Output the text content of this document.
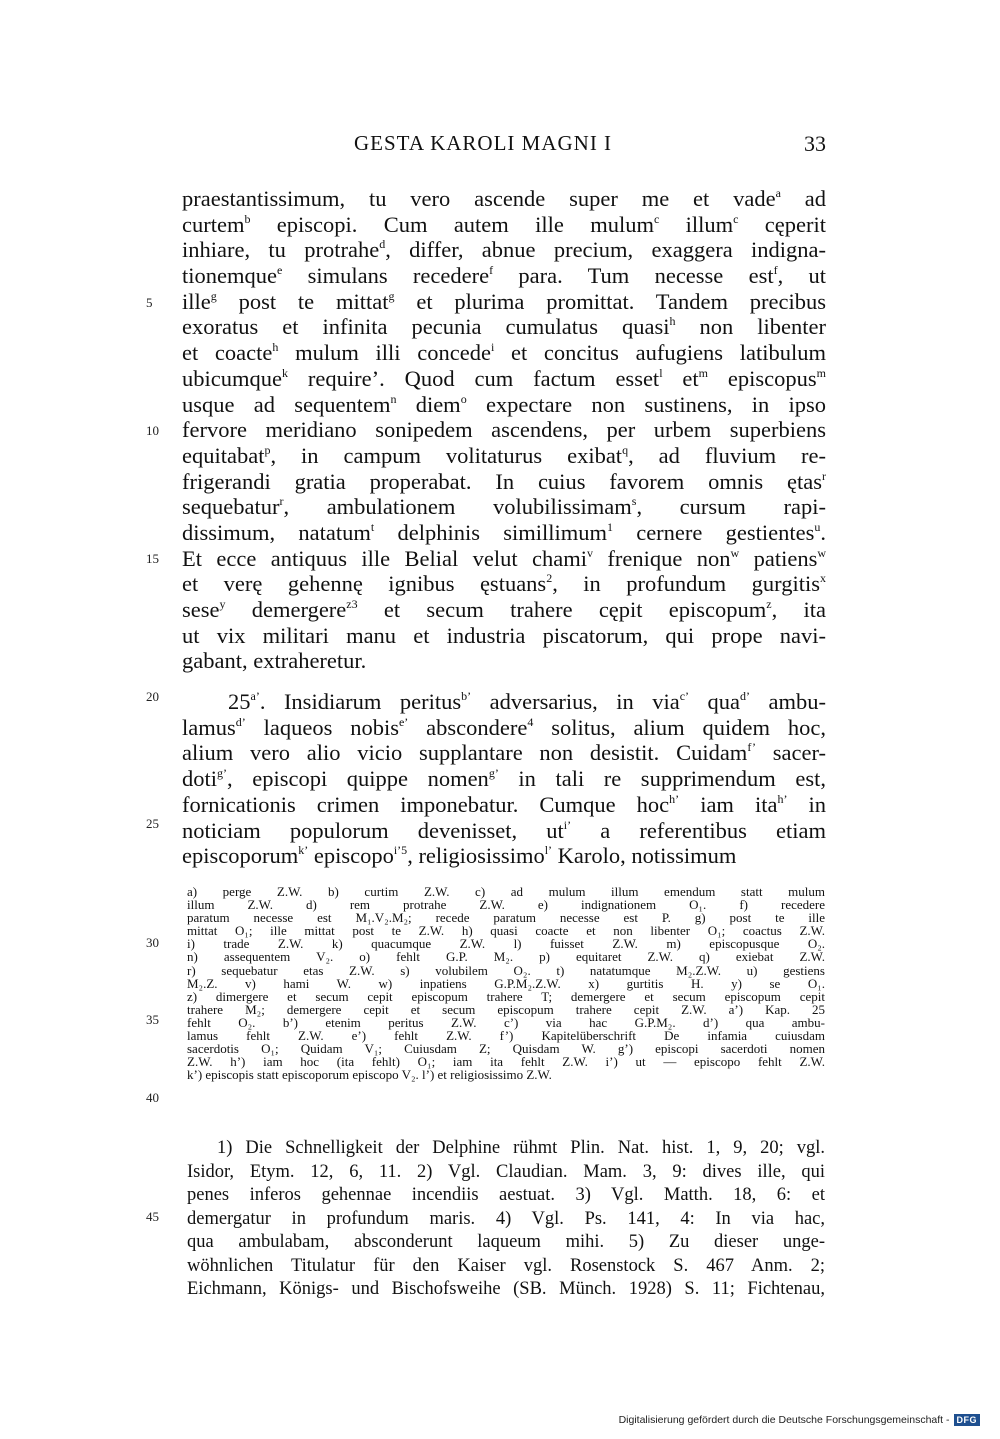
GESTA KAROLI MAGNI I	33
praestantissimum, tu vero ascende super me et vade$^a$ ad
curtem$^b$ episcopi. Cum autem ille mulum$^c$ illum$^c$ cęperit
inhiare, tu protrahe$^d$, differ, abnue precium, exaggera indigna-
tionemque$^e$ simulans recedere$^f$ para. Tum necesse est$^f$, ut
ille$^g$ post te mittat$^g$ et plurima promittat. Tandem precibus
exoratus et infinita pecunia cumulatus quasi$^h$ non libenter
et coacte$^h$ mulum illi concede$^i$ et concitus aufugiens latibulum
ubicumque$^k$ require’. Quod cum factum esset$^l$ $et^m$ episcopus$^m$
usque ad sequentem$^n$ diem$^o$ expectare non sustinens, in ipso
fervore meridiano sonipedem ascendens, per urbem superbiens
equitabat$^p$, in campum volitaturus exibat$^q$, ad fluvium re-
frigerandi gratia properabat. In cuius favorem omnis ętas$^r$
sequebatur$^r$, ambulationem volubilissimam$^s$, cursum rapi-
dissimum, natatum$^t$ delphinis simillimum$^1$ cernere gestientes$^u$.
Et ecce antiquus ille Belial velut chami$^v$ frenique non$^w$ patiens$^w$
et verę gehennę ignibus ęstuans$^2$, in profundum gurgitis$^x$
sese$^y$ demergere$^{z3}$ et secum trahere cępit episcopum$^z$, ita
ut vix militari manu et industria piscatorum, qui prope navi-
gabant, extraheretur.
$25^{a’}$. Insidiarum peritus$^{b’}$ adversarius, in via$^{c’}$ qua$^{d’}$ ambu-
lamus$^{d’}$ laqueos nobis$^{e’}$ abscondere$^4$ solitus, alium quidem hoc,
alium vero alio vicio supplantare non desistit. Cuidam$^{f’}$ sacer-
doti$^{g’}$, episcopi quippe nomen$^{g’}$ in tali re supprimendum est,
fornicationis crimen imponebatur. Cumque hoc$^{h’}$ iam ita$^{h’}$ in
noticiam populorum devenisset, $ut^{i’}$ a referentibus etiam
episcoporum$^{k’}$ episcopo$^{i’5}$, religiosissimo$^{l’}$ Karolo, notissimum
a) perge Z.W. b) curtim Z.W. c) ad mulum illum emendum statt mulum
illum Z.W. d) rem protrahe Z.W. e) indignationem O₁. f) recedere
paratum necesse est M₁.V₂.M₂; recede paratum necesse est P. g) post te ille
mittat O₁; ille mittat post te Z.W. h) quasi coacte et non libenter O₁; coactus Z.W.
i) trade Z.W. k) quacumque Z.W. l) fuisset Z.W. m) episcopusque O₂.
n) assequentem V₂. o) fehlt G.P. M₂. p) equitaret Z.W. q) exiebat Z.W.
r) sequebatur etas Z.W. s) volubilem O₂. t) natatumque M₂.Z.W. u) gestiens
M₂.Z. v) hami W. w) inpatiens G.P.M₂.Z.W. x) gurtitis H. y) se O₁.
z) dimergere et secum cepit episcopum trahere T; demergere et secum episcopum cepit
trahere M₂; demergere cepit et secum episcopum trahere cepit Z.W. a’) Kap. 25
fehlt O₂. b’) etenim peritus Z.W. c’) via hac G.P.M₂. d’) qua ambu-
lamus fehlt Z.W. e’) fehlt Z.W. f’) Kapitelüberschrift De infamia cuiusdam
sacerdotis O₁; Quidam V₁; Cuiusdam Z; Quisdam W. g’) episcopi sacerdoti nomen
Z.W. h’) iam hoc (ita fehlt) O₁; iam ita fehlt Z.W. i’) ut — episcopo fehlt Z.W.
k’) episcopis statt episcoporum episcopo V₂. l’) et religiosissimo Z.W.
1) Die Schnelligkeit der Delphine rühmt Plin. Nat. hist. 1, 9, 20; vgl.
Isidor, Etym. 12, 6, 11. 2) Vgl. Claudian. Mam. 3, 9: dives ille, qui
penes inferos gehennae incendiis aestuat. 3) Vgl. Matth. 18, 6: et
demergatur in profundum maris. 4) Vgl. Ps. 141, 4: In via hac,
qua ambulabam, absconderunt laqueum mihi. 5) Zu dieser unge-
wöhnlichen Titulatur für den Kaiser vgl. Rosenstock S. 467 Anm. 2;
Eichmann, Königs- und Bischofsweihe (SB. Münch. 1928) S. 11; Fichtenau,
5
10
15
20
25
30
35
40
45
Digitalisierung gefördert durch die Deutsche Forschungsgemeinschaft - DFG
